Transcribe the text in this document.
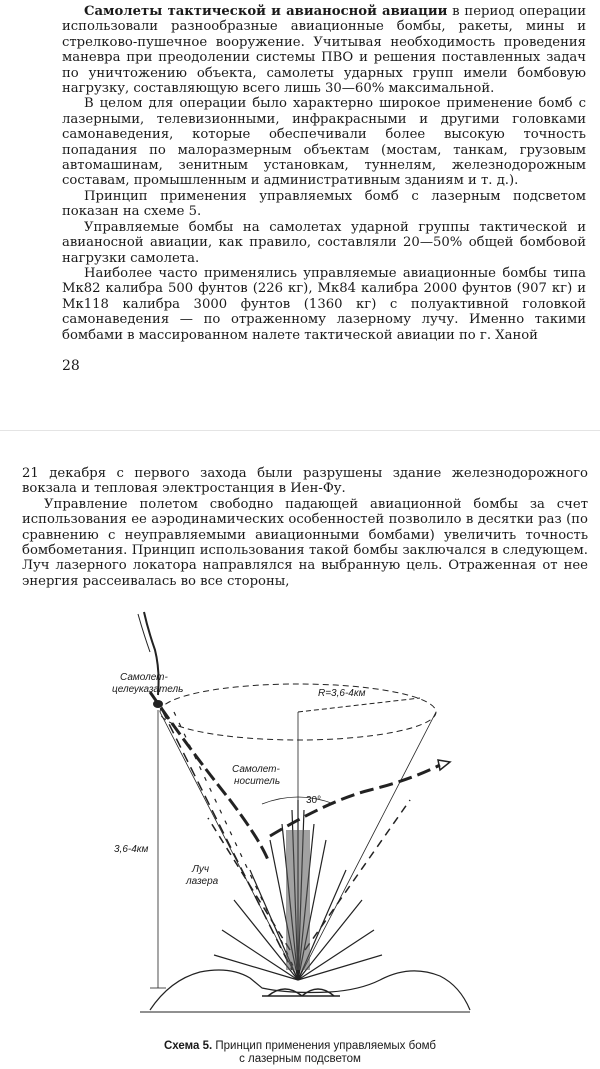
Самолеты тактической и авианосной авиации в период операции использовали разнообразные авиационные бомбы, ракеты, мины и стрелково-пушечное вооружение. Учитывая необходимость проведения маневра при преодолении системы ПВО и решения поставленных задач по уничтожению объекта, самолеты ударных групп имели бомбовую нагрузку, составляющую всего лишь 30—60% максимальной.

В целом для операции было характерно широкое применение бомб с лазерными, телевизионными, инфракрасными и другими головками самонаведения, которые обеспечивали более высокую точность попадания по малоразмерным объектам (мостам, танкам, грузовым автомашинам, зенитным установкам, туннелям, железнодорожным составам, промышленным и административным зданиям и т. д.).

Принцип применения управляемых бомб с лазерным подсветом показан на схеме 5.

Управляемые бомбы на самолетах ударной группы тактической и авианосной авиации, как правило, составляли 20—50% общей бомбовой нагрузки самолета.

Наиболее часто применялись управляемые авиационные бомбы типа Мк82 калибра 500 фунтов (226 кг), Мк84 калибра 2000 фунтов (907 кг) и Мк118 калибра 3000 фунтов (1360 кг) с полуактивной головкой самонаведения — по отраженному лазерному лучу. Именно такими бомбами в массированном налете тактической авиации по г. Ханой

28

21 декабря с первого захода были разрушены здание железнодорожного вокзала и тепловая электростанция в Иен-Фу.

Управление полетом свободно падающей авиационной бомбы за счет использования ее аэродинамических особенностей позволило в десятки раз (по сравнению с неуправляемыми авиационными бомбами) увеличить точность бомбометания. Принцип использования такой бомбы заключался в следующем. Луч лазерного локатора направлялся на выбранную цель. Отраженная от нее энергия рассеивалась во все стороны,

Самолет-
целеуказатель	R=3,6-4км
Самолет-
носитель
30°
3,6-4км
Луч
лазера
Схема 5. Принцип применения управляемых бомб
с лазерным подсветом
